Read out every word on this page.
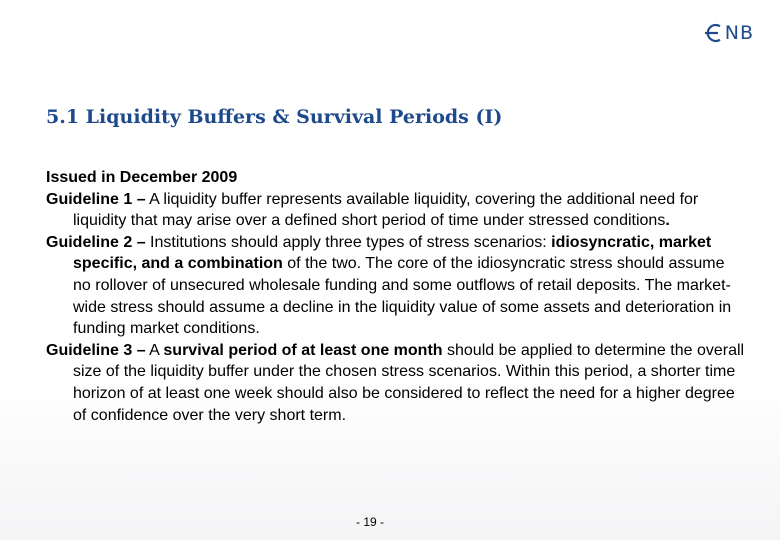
NB
5.1 Liquidity Buffers & Survival Periods (I)

Issued in December 2009

Guideline 1 – A liquidity buffer represents available liquidity, covering the additional need for liquidity that may arise over a defined short period of time under stressed conditions.

Guideline 2 – Institutions should apply three types of stress scenarios: idiosyncratic, market specific, and a combination of the two. The core of the idiosyncratic stress should assume no rollover of unsecured wholesale funding and some outflows of retail deposits. The market-wide stress should assume a decline in the liquidity value of some assets and deterioration in funding market conditions.

Guideline 3 – A survival period of at least one month should be applied to determine the overall size of the liquidity buffer under the chosen stress scenarios. Within this period, a shorter time horizon of at least one week should also be considered to reflect the need for a higher degree of confidence over the very short term.

- 19 -
